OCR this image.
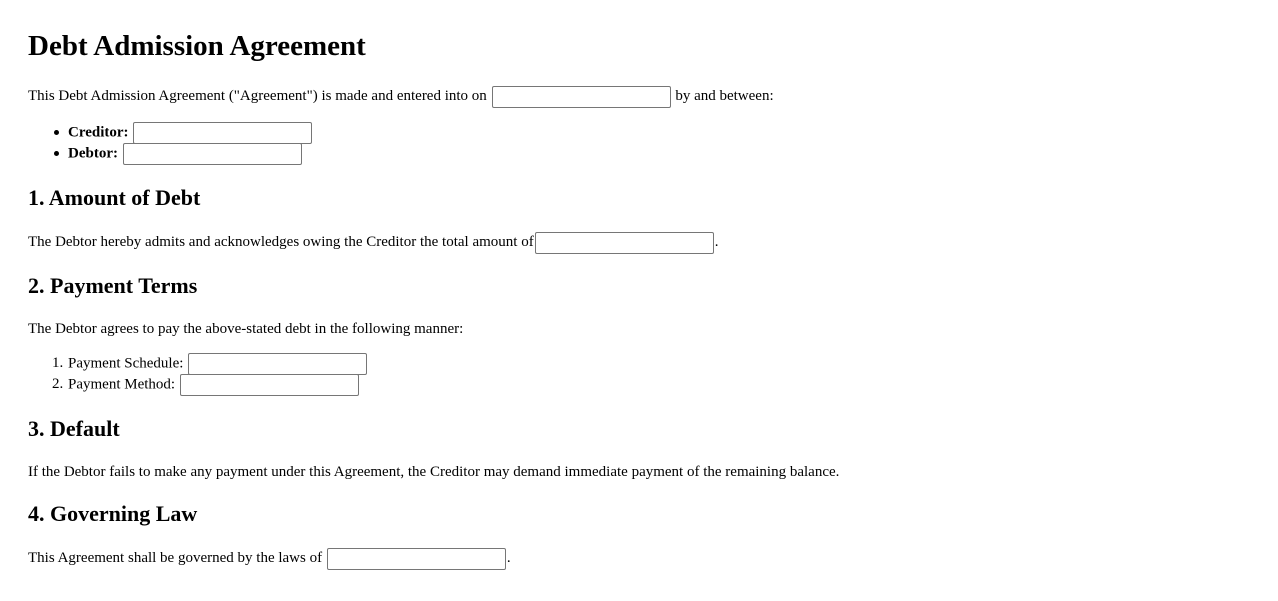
Debt Admission Agreement

This Debt Admission Agreement ("Agreement") is made and entered into on	by and between:

Creditor:
Debtor:
1. Amount of Debt

The Debtor hereby admits and acknowledges owing the Creditor the total amount of	.

2. Payment Terms

The Debtor agrees to pay the above-stated debt in the following manner:

1. Payment Schedule:
2. Payment Method:
3. Default

If the Debtor fails to make any payment under this Agreement, the Creditor may demand immediate payment of the remaining balance.

4. Governing Law

This Agreement shall be governed by the laws of	.
